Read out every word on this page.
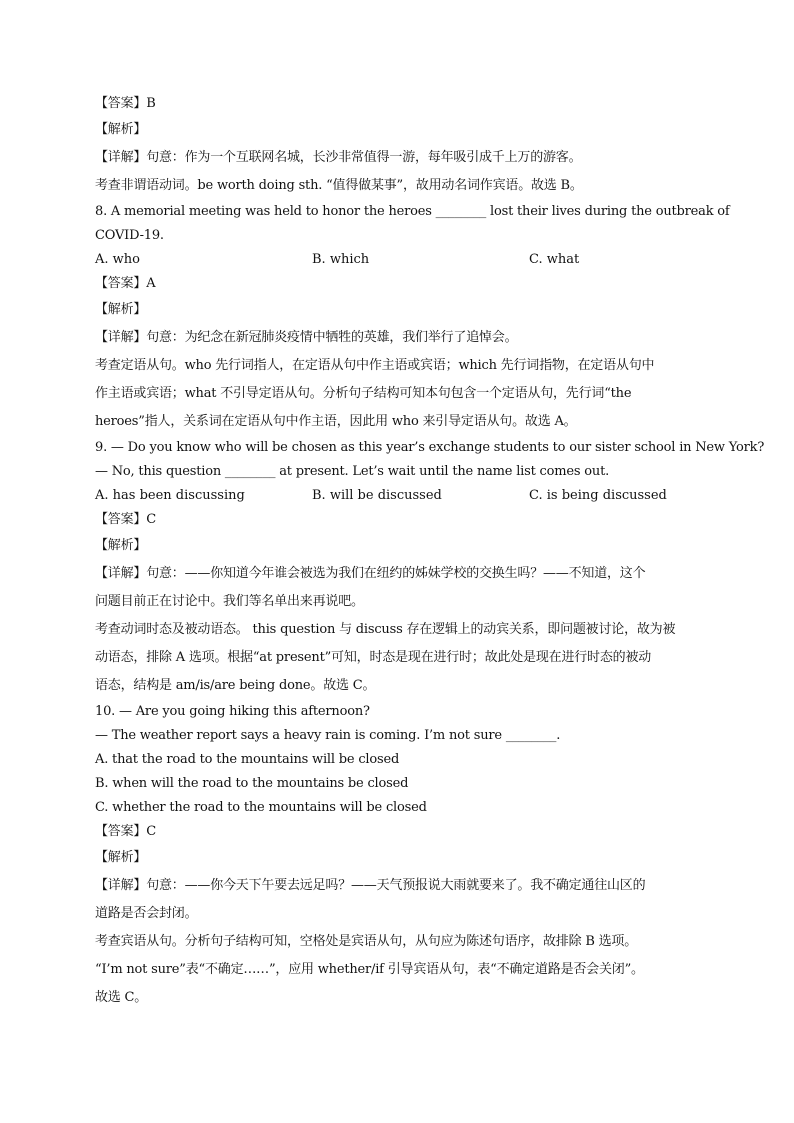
【答案】B
【解析】
【详解】句意：作为一个互联网名城，长沙非常值得一游，每年吸引成千上万的游客。
考查非谓语动词。be worth doing sth. “值得做某事”，故用动名词作宾语。故选 B。
8. A memorial meeting was held to honor the heroes ________ lost their lives during the outbreak of
COVID-19.
A. who	B. which	C. what
【答案】A
【解析】
【详解】句意：为纪念在新冠肺炎疫情中牺牲的英雄，我们举行了追悼会。
考查定语从句。who 先行词指人，在定语从句中作主语或宾语；which 先行词指物，在定语从句中
作主语或宾语；what 不引导定语从句。分析句子结构可知本句包含一个定语从句，先行词“the
heroes”指人，关系词在定语从句中作主语，因此用 who 来引导定语从句。故选 A。
9. — Do you know who will be chosen as this year’s exchange students to our sister school in New York?
— No, this question ________ at present. Let’s wait until the name list comes out.
A. has been discussing	B. will be discussed	C. is being discussed
【答案】C
【解析】
【详解】句意：——你知道今年谁会被选为我们在纽约的姊妹学校的交换生吗？——不知道，这个
问题目前正在讨论中。我们等名单出来再说吧。
考查动词时态及被动语态。 this question 与 discuss 存在逻辑上的动宾关系，即问题被讨论，故为被
动语态，排除 A 选项。根据“at present”可知，时态是现在进行时；故此处是现在进行时态的被动
语态，结构是 am/is/are being done。故选 C。
10. — Are you going hiking this afternoon?
— The weather report says a heavy rain is coming. I’m not sure ________.
A. that the road to the mountains will be closed
B. when will the road to the mountains be closed
C. whether the road to the mountains will be closed
【答案】C
【解析】
【详解】句意：——你今天下午要去远足吗？——天气预报说大雨就要来了。我不确定通往山区的
道路是否会封闭。
考查宾语从句。分析句子结构可知，空格处是宾语从句，从句应为陈述句语序，故排除 B 选项。
“I’m not sure”表“不确定……”，应用 whether/if 引导宾语从句，表“不确定道路是否会关闭”。
故选 C。
